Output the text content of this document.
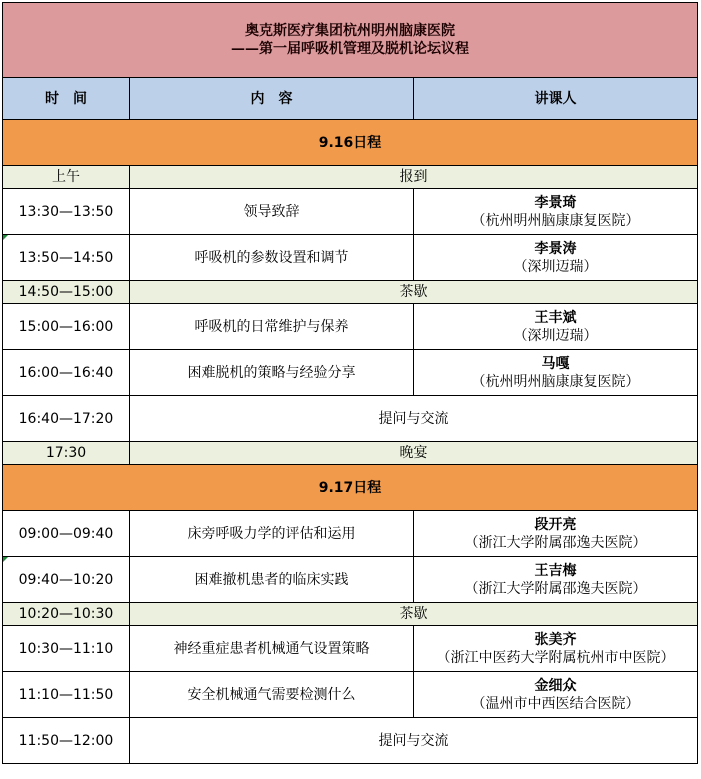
奥克斯医疗集团杭州明州脑康医院
——第一届呼吸机管理及脱机论坛议程		

时　间	内　容	讲课人
9.16日程		
上午	报到	
13:30—13:50	领导致辞	李景琦
（杭州明州脑康康复医院）

13:50—14:50	呼吸机的参数设置和调节	李景涛
（深圳迈瑞）

14:50—15:00	茶歇	
15:00—16:00	呼吸机的日常维护与保养	王丰斌
（深圳迈瑞）

16:00—16:40	困难脱机的策略与经验分享	马嘎
（杭州明州脑康康复医院）

16:40—17:20	提问与交流	
17:30	晚宴	
9.17日程		
09:00—09:40	床旁呼吸力学的评估和运用	段开亮
（浙江大学附属邵逸夫医院）

09:40—10:20	困难撤机患者的临床实践	王吉梅
（浙江大学附属邵逸夫医院）

10:20—10:30	茶歇	
10:30—11:10	神经重症患者机械通气设置策略	张美齐
（浙江中医药大学附属杭州市中医院）

11:10—11:50	安全机械通气需要检测什么	金细众
（温州市中西医结合医院）

11:50—12:00	提问与交流	
